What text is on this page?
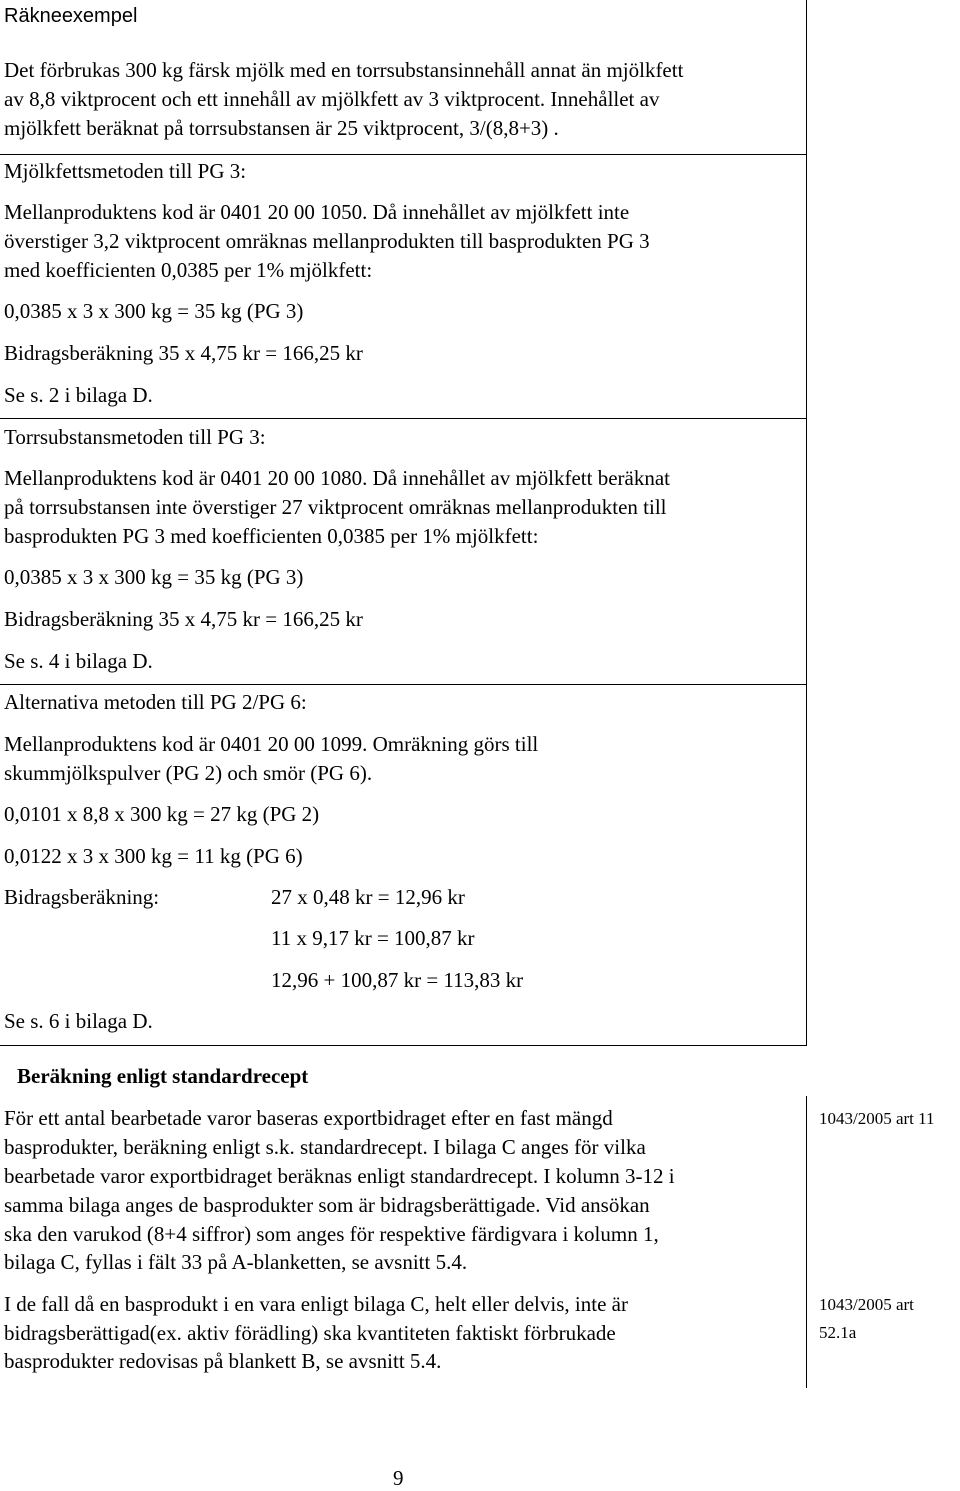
Räkneexempel
Det förbrukas 300 kg färsk mjölk med en torrsubstansinnehåll annat än mjölkfett
av 8,8 viktprocent och ett innehåll av mjölkfett av 3 viktprocent. Innehållet av
mjölkfett beräknat på torrsubstansen är 25 viktprocent, 3/(8,8+3) .
Mjölkfettsmetoden till PG 3:
Mellanproduktens kod är 0401 20 00 1050. Då innehållet av mjölkfett inte
överstiger 3,2 viktprocent omräknas mellanprodukten till basprodukten PG 3
med koefficienten 0,0385 per 1% mjölkfett:
0,0385 x 3 x 300 kg = 35 kg (PG 3)
Bidragsberäkning 35 x 4,75 kr = 166,25 kr
Se s. 2 i bilaga D.
Torrsubstansmetoden till PG 3:
Mellanproduktens kod är 0401 20 00 1080. Då innehållet av mjölkfett beräknat
på torrsubstansen inte överstiger 27 viktprocent omräknas mellanprodukten till
basprodukten PG 3 med koefficienten 0,0385 per 1% mjölkfett:
0,0385 x 3 x 300 kg = 35 kg (PG 3)
Bidragsberäkning 35 x 4,75 kr = 166,25 kr
Se s. 4 i bilaga D.
Alternativa metoden till PG 2/PG 6:
Mellanproduktens kod är 0401 20 00 1099. Omräkning görs till
skummjölkspulver (PG 2) och smör (PG 6).
0,0101 x 8,8 x 300 kg = 27 kg (PG 2)
0,0122 x 3 x 300 kg = 11 kg (PG 6)
Bidragsberäkning:	27 x 0,48 kr = 12,96 kr
11 x 9,17 kr = 100,87 kr
12,96 + 100,87 kr = 113,83 kr
Se s. 6 i bilaga D.
Beräkning enligt standardrecept
För ett antal bearbetade varor baseras exportbidraget efter en fast mängd
basprodukter, beräkning enligt s.k. standardrecept. I bilaga C anges för vilka
bearbetade varor exportbidraget beräknas enligt standardrecept. I kolumn 3-12 i
samma bilaga anges de basprodukter som är bidragsberättigade. Vid ansökan
ska den varukod (8+4 siffror) som anges för respektive färdigvara i kolumn 1,
bilaga C, fyllas i fält 33 på A-blanketten, se avsnitt 5.4.
I de fall då en basprodukt i en vara enligt bilaga C, helt eller delvis, inte är
bidragsberättigad(ex. aktiv förädling) ska kvantiteten faktiskt förbrukade
basprodukter redovisas på blankett B, se avsnitt 5.4.
1043/2005 art 11
1043/2005 art
52.1a
9
